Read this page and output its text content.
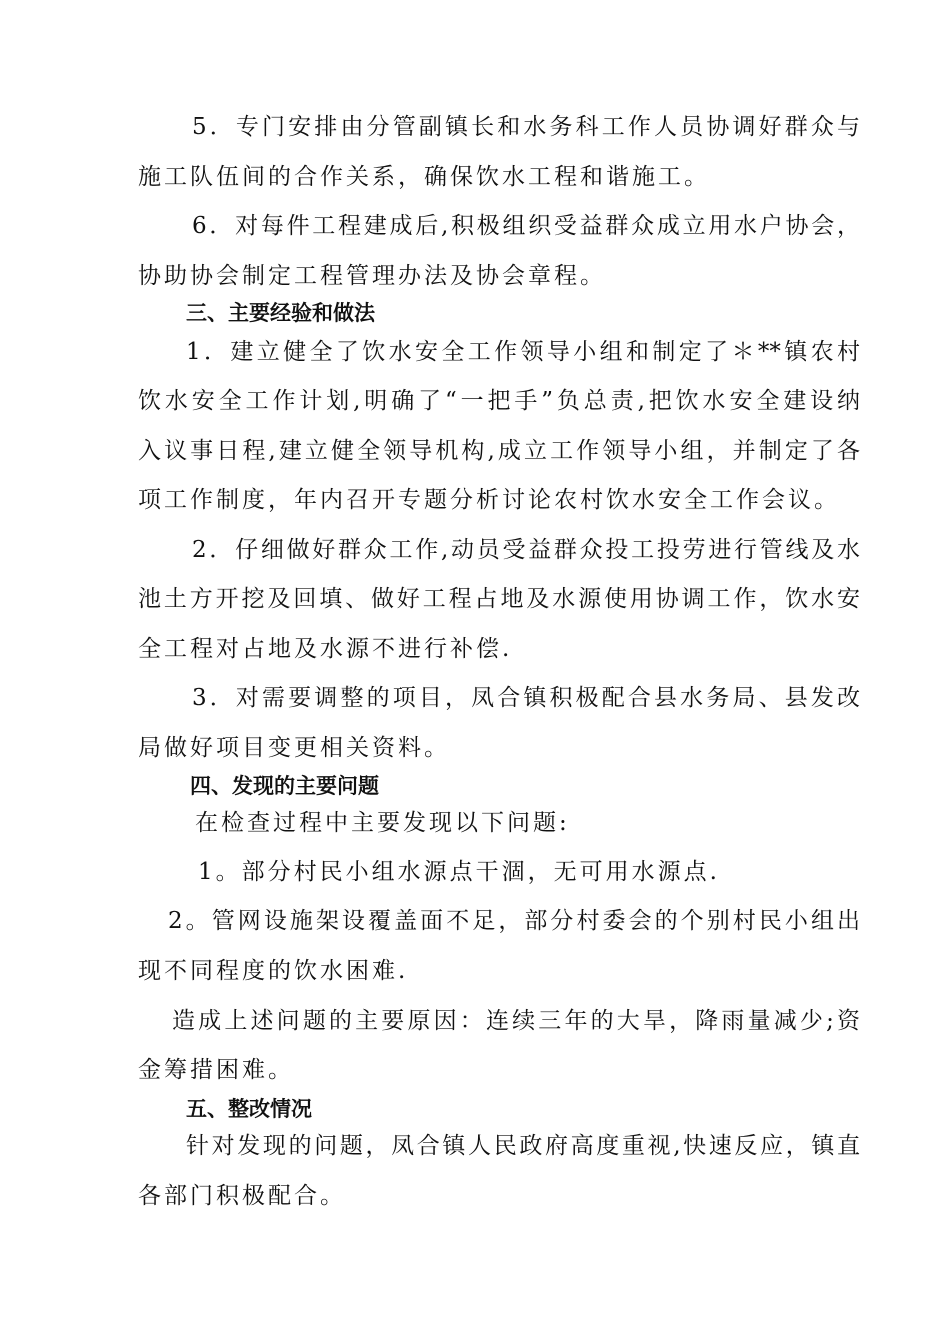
5．专门安排由分管副镇长和水务科工作人员协调好群众与
施工队伍间的合作关系，确保饮水工程和谐施工。
6．对每件工程建成后,积极组织受益群众成立用水户协会，
协助协会制定工程管理办法及协会章程。
三、主要经验和做法
1．建立健全了饮水安全工作领导小组和制定了＊**镇农村
饮水安全工作计划,明确了“一把手”负总责,把饮水安全建设纳
入议事日程,建立健全领导机构,成立工作领导小组，并制定了各
项工作制度，年内召开专题分析讨论农村饮水安全工作会议。
2．仔细做好群众工作,动员受益群众投工投劳进行管线及水
池土方开挖及回填、做好工程占地及水源使用协调工作，饮水安
全工程对占地及水源不进行补偿.
3．对需要调整的项目，凤合镇积极配合县水务局、县发改
局做好项目变更相关资料。
四、发现的主要问题
在检查过程中主要发现以下问题:
1。部分村民小组水源点干涸，无可用水源点.
2。管网设施架设覆盖面不足，部分村委会的个别村民小组出
现不同程度的饮水困难.
造成上述问题的主要原因：连续三年的大旱，降雨量减少;资
金筹措困难。
五、整改情况
针对发现的问题，凤合镇人民政府高度重视,快速反应，镇直
各部门积极配合。
